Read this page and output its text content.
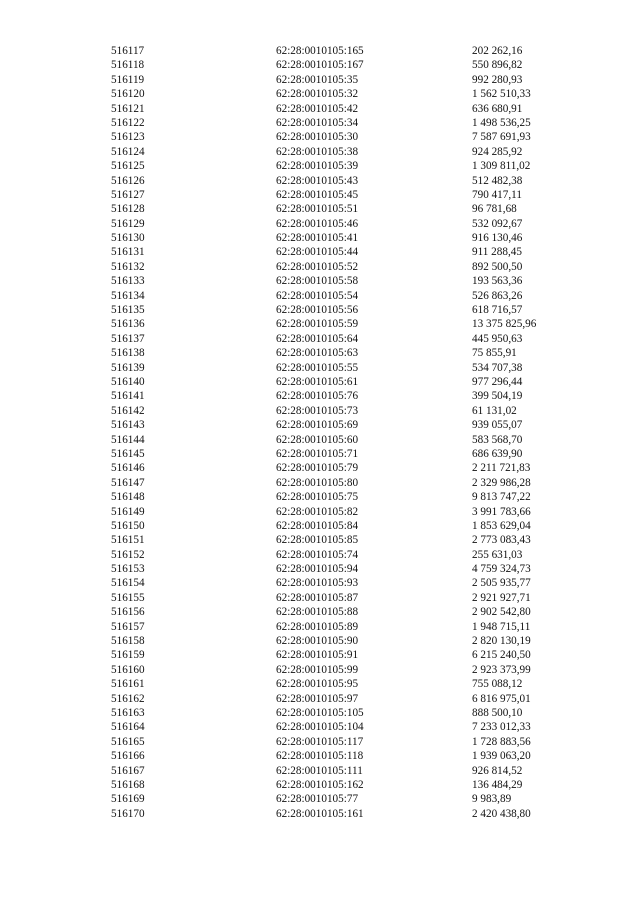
516117	62:28:0010105:165	202 262,16
516118	62:28:0010105:167	550 896,82
516119	62:28:0010105:35	992 280,93
516120	62:28:0010105:32	1 562 510,33
516121	62:28:0010105:42	636 680,91
516122	62:28:0010105:34	1 498 536,25
516123	62:28:0010105:30	7 587 691,93
516124	62:28:0010105:38	924 285,92
516125	62:28:0010105:39	1 309 811,02
516126	62:28:0010105:43	512 482,38
516127	62:28:0010105:45	790 417,11
516128	62:28:0010105:51	96 781,68
516129	62:28:0010105:46	532 092,67
516130	62:28:0010105:41	916 130,46
516131	62:28:0010105:44	911 288,45
516132	62:28:0010105:52	892 500,50
516133	62:28:0010105:58	193 563,36
516134	62:28:0010105:54	526 863,26
516135	62:28:0010105:56	618 716,57
516136	62:28:0010105:59	13 375 825,96
516137	62:28:0010105:64	445 950,63
516138	62:28:0010105:63	75 855,91
516139	62:28:0010105:55	534 707,38
516140	62:28:0010105:61	977 296,44
516141	62:28:0010105:76	399 504,19
516142	62:28:0010105:73	61 131,02
516143	62:28:0010105:69	939 055,07
516144	62:28:0010105:60	583 568,70
516145	62:28:0010105:71	686 639,90
516146	62:28:0010105:79	2 211 721,83
516147	62:28:0010105:80	2 329 986,28
516148	62:28:0010105:75	9 813 747,22
516149	62:28:0010105:82	3 991 783,66
516150	62:28:0010105:84	1 853 629,04
516151	62:28:0010105:85	2 773 083,43
516152	62:28:0010105:74	255 631,03
516153	62:28:0010105:94	4 759 324,73
516154	62:28:0010105:93	2 505 935,77
516155	62:28:0010105:87	2 921 927,71
516156	62:28:0010105:88	2 902 542,80
516157	62:28:0010105:89	1 948 715,11
516158	62:28:0010105:90	2 820 130,19
516159	62:28:0010105:91	6 215 240,50
516160	62:28:0010105:99	2 923 373,99
516161	62:28:0010105:95	755 088,12
516162	62:28:0010105:97	6 816 975,01
516163	62:28:0010105:105	888 500,10
516164	62:28:0010105:104	7 233 012,33
516165	62:28:0010105:117	1 728 883,56
516166	62:28:0010105:118	1 939 063,20
516167	62:28:0010105:111	926 814,52
516168	62:28:0010105:162	136 484,29
516169	62:28:0010105:77	9 983,89
516170	62:28:0010105:161	2 420 438,80
